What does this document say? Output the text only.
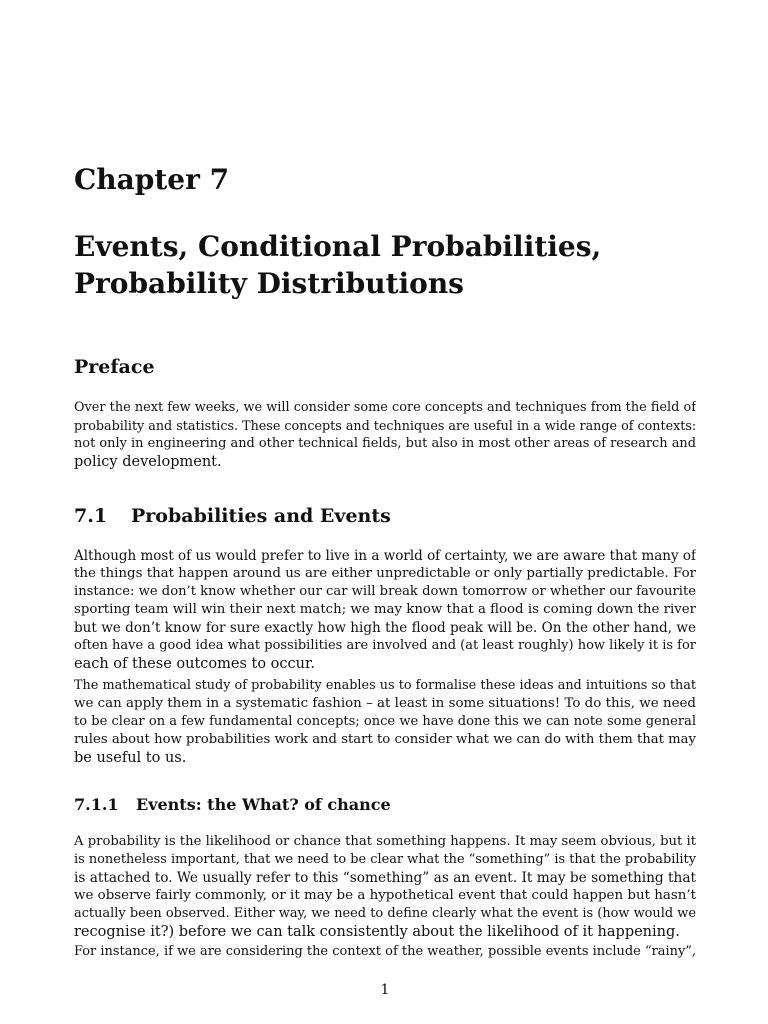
Chapter 7
Events, Conditional Probabilities,
Probability Distributions
Preface

Over the next few weeks, we will consider some core concepts and techniques from the field of
probability and statistics. These concepts and techniques are useful in a wide range of contexts:
not only in engineering and other technical fields, but also in most other areas of research and
policy development.

7.1 Probabilities and Events

Although most of us would prefer to live in a world of certainty, we are aware that many of
the things that happen around us are either unpredictable or only partially predictable. For
instance: we don’t know whether our car will break down tomorrow or whether our favourite
sporting team will win their next match; we may know that a flood is coming down the river
but we don’t know for sure exactly how high the flood peak will be. On the other hand, we
often have a good idea what possibilities are involved and (at least roughly) how likely it is for
each of these outcomes to occur.

The mathematical study of probability enables us to formalise these ideas and intuitions so that
we can apply them in a systematic fashion – at least in some situations! To do this, we need
to be clear on a few fundamental concepts; once we have done this we can note some general
rules about how probabilities work and start to consider what we can do with them that may
be useful to us.

7.1.1 Events: the What? of chance

A probability is the likelihood or chance that something happens. It may seem obvious, but it
is nonetheless important, that we need to be clear what the “something” is that the probability
is attached to. We usually refer to this “something” as an event. It may be something that
we observe fairly commonly, or it may be a hypothetical event that could happen but hasn’t
actually been observed. Either way, we need to define clearly what the event is (how would we
recognise it?) before we can talk consistently about the likelihood of it happening.

For instance, if we are considering the context of the weather, possible events include “rainy”,

1
